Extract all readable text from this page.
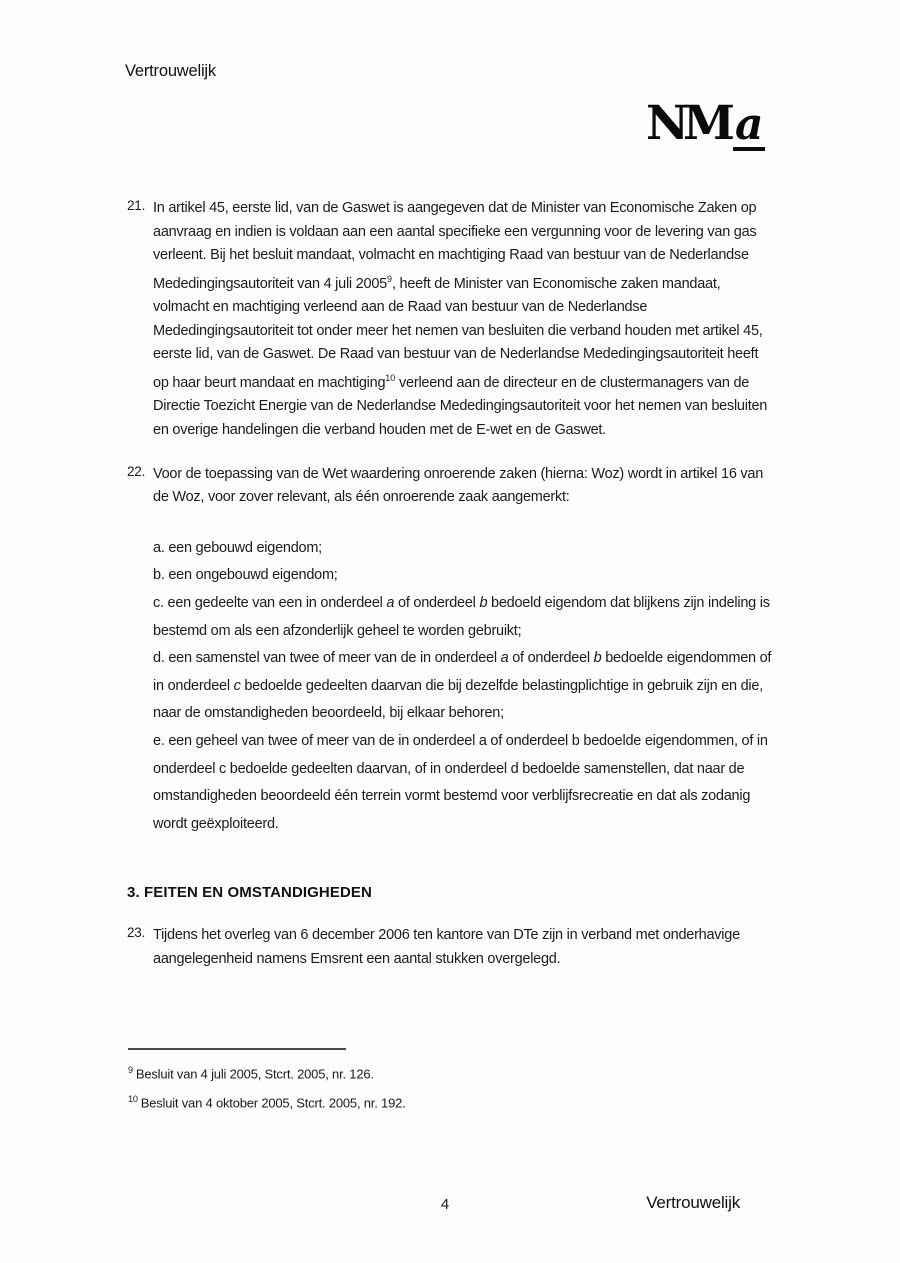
Vertrouwelijk
NM a
21. In artikel 45, eerste lid, van de Gaswet is aangegeven dat de Minister van Economische Zaken op aanvraag en indien is voldaan aan een aantal specifieke een vergunning voor de levering van gas verleent. Bij het besluit mandaat, volmacht en machtiging Raad van bestuur van de Nederlandse Mededingingsautoriteit van 4 juli 2005$^9$, heeft de Minister van Economische zaken mandaat, volmacht en machtiging verleend aan de Raad van bestuur van de Nederlandse Mededingingsautoriteit tot onder meer het nemen van besluiten die verband houden met artikel 45, eerste lid, van de Gaswet. De Raad van bestuur van de Nederlandse Mededingingsautoriteit heeft op haar beurt mandaat en machtiging$^{10}$ verleend aan de directeur en de clustermanagers van de Directie Toezicht Energie van de Nederlandse Mededingingsautoriteit voor het nemen van besluiten en overige handelingen die verband houden met de E-wet en de Gaswet.
22. Voor de toepassing van de Wet waardering onroerende zaken (hierna: Woz) wordt in artikel 16 van de Woz, voor zover relevant, als één onroerende zaak aangemerkt:
a. een gebouwd eigendom;
b. een ongebouwd eigendom;
c. een gedeelte van een in onderdeel a of onderdeel b bedoeld eigendom dat blijkens zijn indeling is bestemd om als een afzonderlijk geheel te worden gebruikt;
d. een samenstel van twee of meer van de in onderdeel a of onderdeel b bedoelde eigendommen of in onderdeel c bedoelde gedeelten daarvan die bij dezelfde belastingplichtige in gebruik zijn en die, naar de omstandigheden beoordeeld, bij elkaar behoren;
e. een geheel van twee of meer van de in onderdeel a of onderdeel b bedoelde eigendommen, of in onderdeel c bedoelde gedeelten daarvan, of in onderdeel d bedoelde samenstellen, dat naar de omstandigheden beoordeeld één terrein vormt bestemd voor verblijfsrecreatie en dat als zodanig wordt geëxploiteerd.
3. FEITEN EN OMSTANDIGHEDEN
23. Tijdens het overleg van 6 december 2006 ten kantore van DTe zijn in verband met onderhavige aangelegenheid namens Emsrent een aantal stukken overgelegd.
$^9$ Besluit van 4 juli 2005, Stcrt. 2005, nr. 126.
$^{10}$ Besluit van 4 oktober 2005, Stcrt. 2005, nr. 192.
4	Vertrouwelijk
